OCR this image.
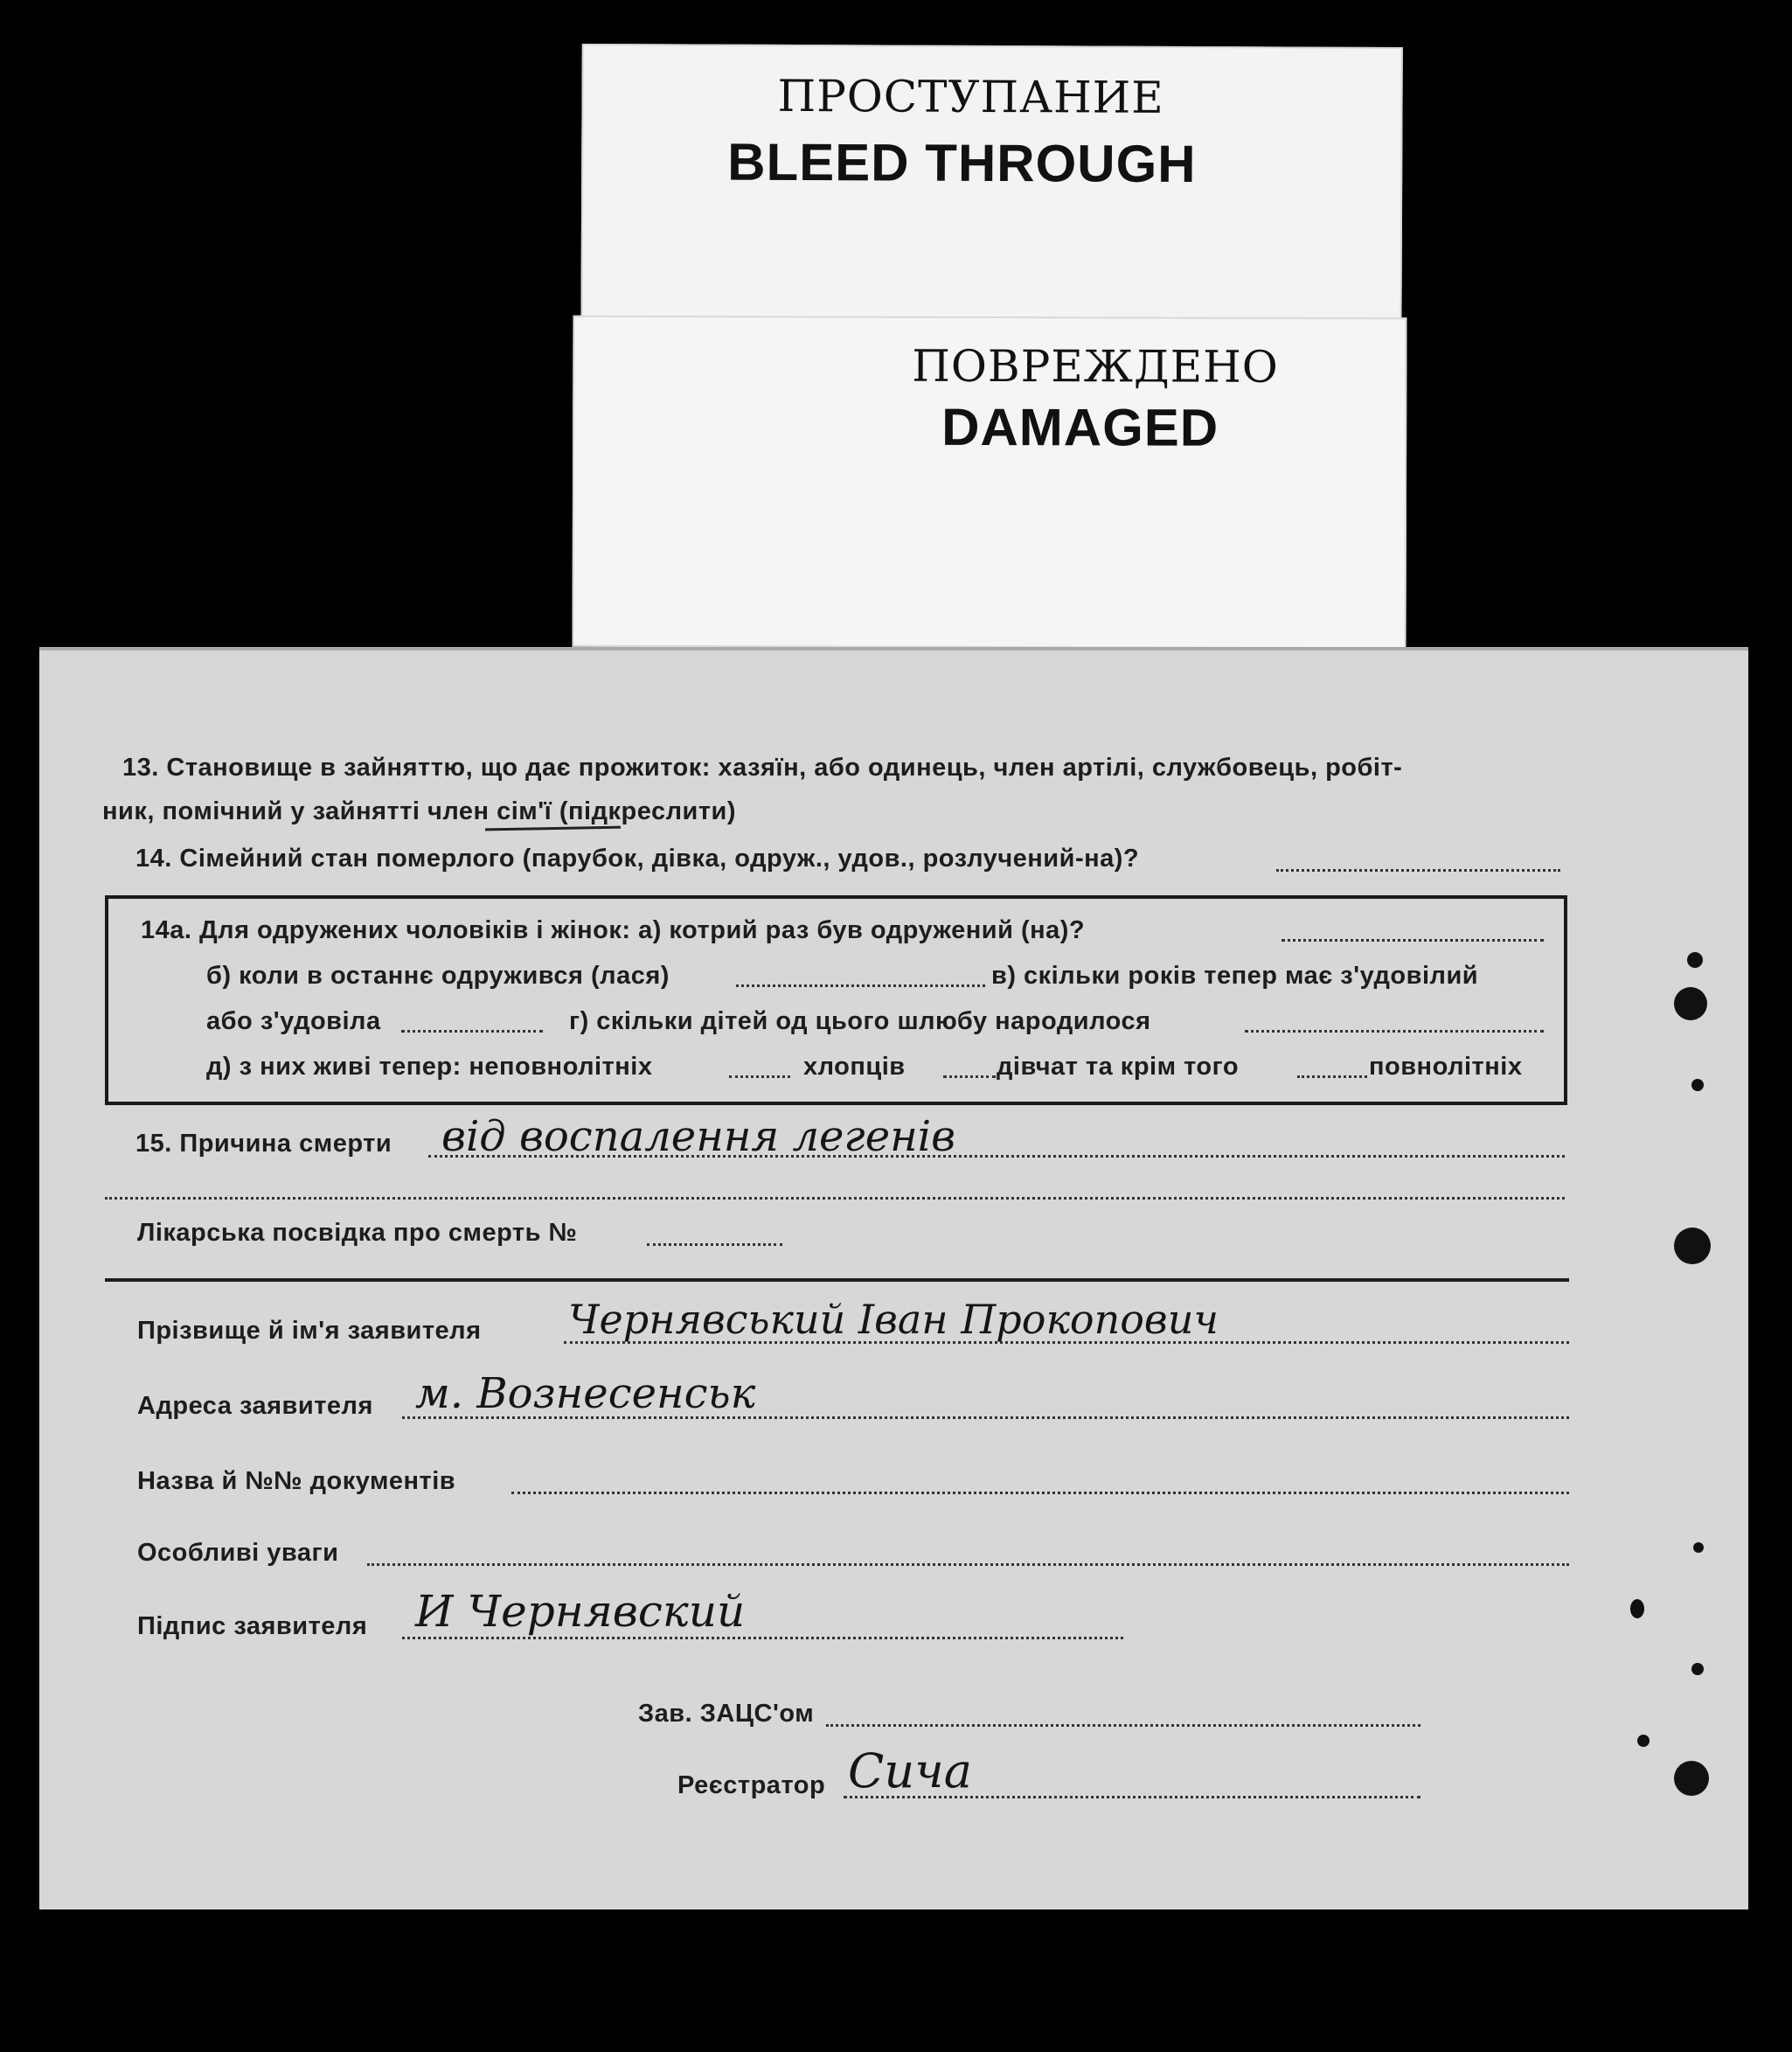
ПРОСТУПАНИЕ
BLEED THROUGH
ПОВРЕЖДЕНО
DAMAGED
13. Становище в зайняттю, що дає прожиток: хазяїн, або одинець, член артілі, службовець, робіт-
ник, помічний у зайнятті член сім'ї (підкреслити)
14. Сімейний стан померлого (парубок, дівка, одруж., удов., розлучений-на)?
14а. Для одружених чоловіків і жінок: а) котрий раз був одружений (на)?
б) коли в останнє одружився (лася)	в) скільки років тепер має з'удовілий
або з'удовіла	г) скільки дітей од цього шлюбу народилося
д) з них живі тепер: неповнолітніх	хлопців	дівчат та крім того	повнолітніх
15. Причина смерти від воспалення легенів
Лікарська посвідка про смерть №
Прізвище й ім'я заявителя Чернявський Іван Прокопович
Адреса заявителя м. Вознесенськ
Назва й №№ документів
Особливі уваги
Підпис заявителя И Чернявский
Зав. ЗАЦС'ом
Реєстратор Сича
